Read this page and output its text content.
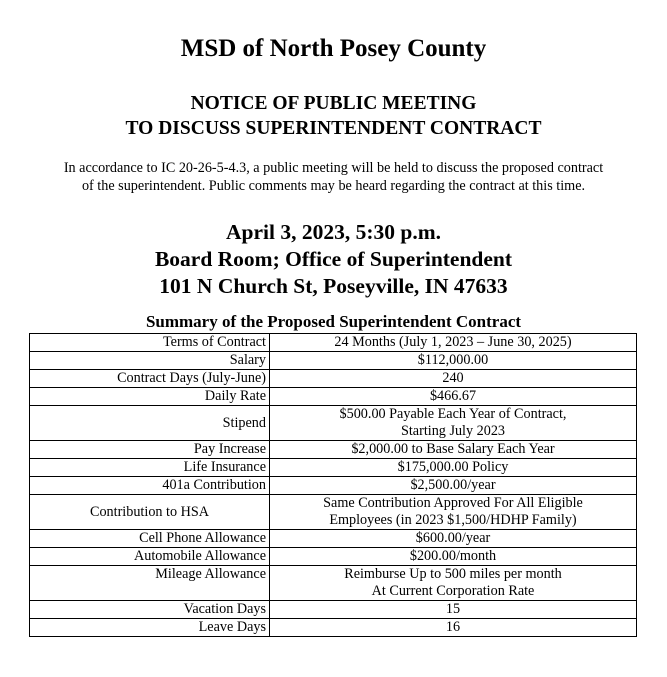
MSD of North Posey County
NOTICE OF PUBLIC MEETING
TO DISCUSS SUPERINTENDENT CONTRACT
In accordance to IC 20-26-5-4.3, a public meeting will be held to discuss the proposed contract
of the superintendent. Public comments may be heard regarding the contract at this time.
April 3, 2023, 5:30 p.m.
Board Room; Office of Superintendent
101 N Church St, Poseyville, IN 47633
Summary of the Proposed Superintendent Contract
Terms of Contract	24 Months (July 1, 2023 – June 30, 2025)
Salary	$112,000.00
Contract Days (July-June)	240
Daily Rate	$466.67
Stipend	$500.00 Payable Each Year of Contract,
Starting July 2023

Pay Increase	$2,000.00 to Base Salary Each Year
Life Insurance	$175,000.00 Policy
401a Contribution	$2,500.00/year
Contribution to HSA	Same Contribution Approved For All Eligible
Employees (in 2023 $1,500/HDHP Family)

Cell Phone Allowance	$600.00/year
Automobile Allowance	$200.00/month
Mileage Allowance	Reimburse Up to 500 miles per month
At Current Corporation Rate

Vacation Days	15
Leave Days	16
